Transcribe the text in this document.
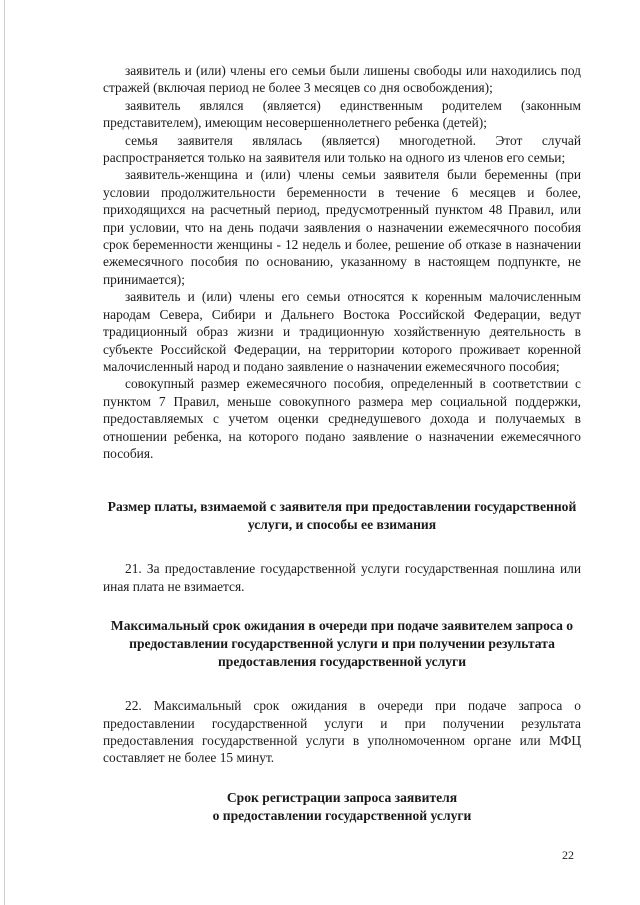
заявитель и (или) члены его семьи были лишены свободы или находились под стражей (включая период не более 3 месяцев со дня освобождения);

заявитель являлся (является) единственным родителем (законным представителем), имеющим несовершеннолетнего ребенка (детей);

семья заявителя являлась (является) многодетной. Этот случай распространяется только на заявителя или только на одного из членов его семьи;

заявитель-женщина и (или) члены семьи заявителя были беременны (при условии продолжительности беременности в течение 6 месяцев и более, приходящихся на расчетный период, предусмотренный пунктом 48 Правил, или при условии, что на день подачи заявления о назначении ежемесячного пособия срок беременности женщины - 12 недель и более, решение об отказе в назначении ежемесячного пособия по основанию, указанному в настоящем подпункте, не принимается);

заявитель и (или) члены его семьи относятся к коренным малочисленным народам Севера, Сибири и Дальнего Востока Российской Федерации, ведут традиционный образ жизни и традиционную хозяйственную деятельность в субъекте Российской Федерации, на территории которого проживает коренной малочисленный народ и подано заявление о назначении ежемесячного пособия;

совокупный размер ежемесячного пособия, определенный в соответствии с пунктом 7 Правил, меньше совокупного размера мер социальной поддержки, предоставляемых с учетом оценки среднедушевого дохода и получаемых в отношении ребенка, на которого подано заявление о назначении ежемесячного пособия.

Размер платы, взимаемой с заявителя при предоставлении государственной услуги, и способы ее взимания

21. За предоставление государственной услуги государственная пошлина или иная плата не взимается.

Максимальный срок ожидания в очереди при подаче заявителем запроса о предоставлении государственной услуги и при получении результата предоставления государственной услуги

22. Максимальный срок ожидания в очереди при подаче запроса о предоставлении государственной услуги и при получении результата предоставления государственной услуги в уполномоченном органе или МФЦ составляет не более 15 минут.

Срок регистрации запроса заявителя

о предоставлении государственной услуги

22
